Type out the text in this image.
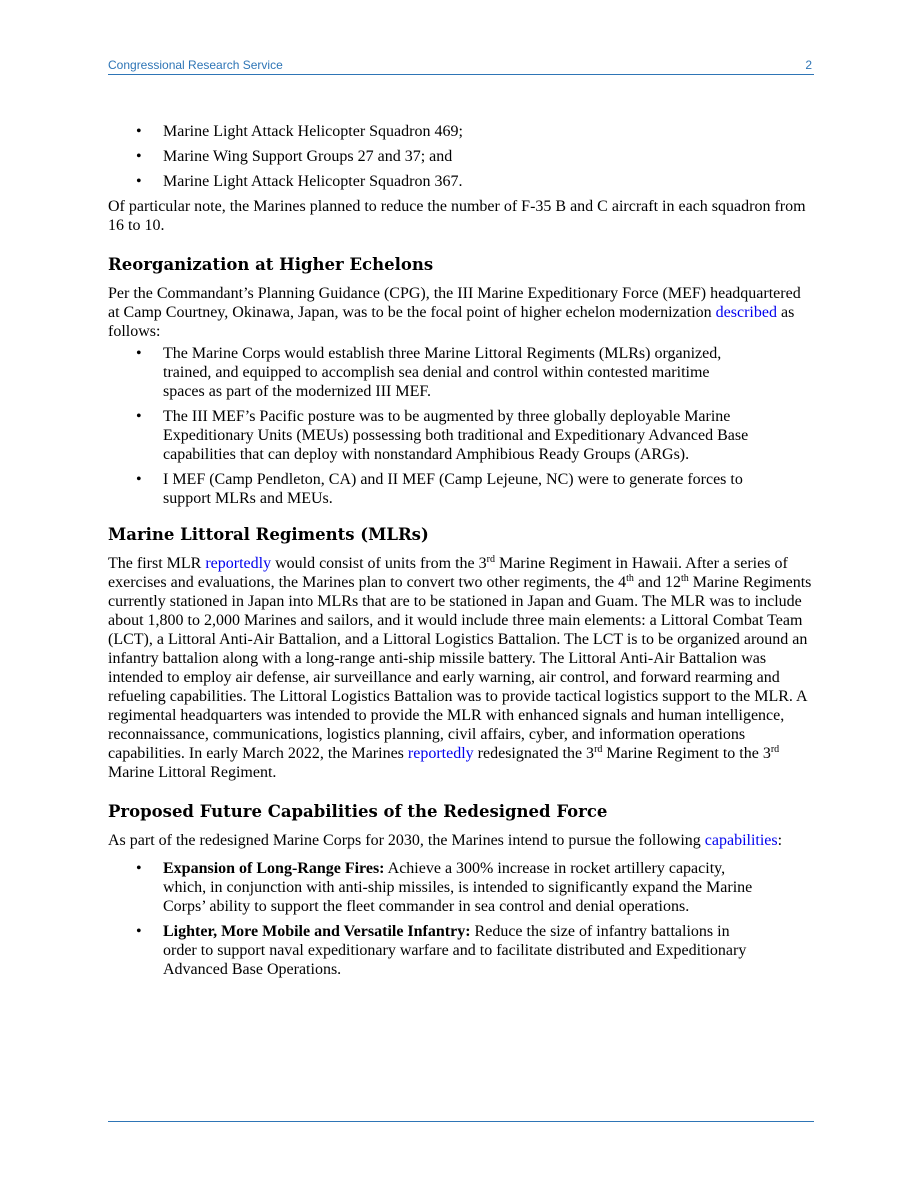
Congressional Research Service	2
• Marine Light Attack Helicopter Squadron 469;
• Marine Wing Support Groups 27 and 37; and
• Marine Light Attack Helicopter Squadron 367.

Of particular note, the Marines planned to reduce the number of F-35 B and C aircraft in each squadron from 16 to 10.

Reorganization at Higher Echelons

Per the Commandant’s Planning Guidance (CPG), the III Marine Expeditionary Force (MEF) headquartered at Camp Courtney, Okinawa, Japan, was to be the focal point of higher echelon modernization described as follows:

• The Marine Corps would establish three Marine Littoral Regiments (MLRs) organized, trained, and equipped to accomplish sea denial and control within contested maritime spaces as part of the modernized III MEF.
• The III MEF’s Pacific posture was to be augmented by three globally deployable Marine Expeditionary Units (MEUs) possessing both traditional and Expeditionary Advanced Base capabilities that can deploy with nonstandard Amphibious Ready Groups (ARGs).
• I MEF (Camp Pendleton, CA) and II MEF (Camp Lejeune, NC) were to generate forces to support MLRs and MEUs.
Marine Littoral Regiments (MLRs)

The first MLR reportedly would consist of units from the 3rd Marine Regiment in Hawaii. After a series of exercises and evaluations, the Marines plan to convert two other regiments, the 4th and 12th Marine Regiments currently stationed in Japan into MLRs that are to be stationed in Japan and Guam. The MLR was to include about 1,800 to 2,000 Marines and sailors, and it would include three main elements: a Littoral Combat Team (LCT), a Littoral Anti-Air Battalion, and a Littoral Logistics Battalion. The LCT is to be organized around an infantry battalion along with a long-range anti-ship missile battery. The Littoral Anti-Air Battalion was intended to employ air defense, air surveillance and early warning, air control, and forward rearming and refueling capabilities. The Littoral Logistics Battalion was to provide tactical logistics support to the MLR. A regimental headquarters was intended to provide the MLR with enhanced signals and human intelligence, reconnaissance, communications, logistics planning, civil affairs, cyber, and information operations capabilities. In early March 2022, the Marines reportedly redesignated the 3rd Marine Regiment to the 3rd Marine Littoral Regiment.

Proposed Future Capabilities of the Redesigned Force

As part of the redesigned Marine Corps for 2030, the Marines intend to pursue the following capabilities:

• Expansion of Long-Range Fires: Achieve a 300% increase in rocket artillery capacity, which, in conjunction with anti-ship missiles, is intended to significantly expand the Marine Corps’ ability to support the fleet commander in sea control and denial operations.
• Lighter, More Mobile and Versatile Infantry: Reduce the size of infantry battalions in order to support naval expeditionary warfare and to facilitate distributed and Expeditionary Advanced Base Operations.
